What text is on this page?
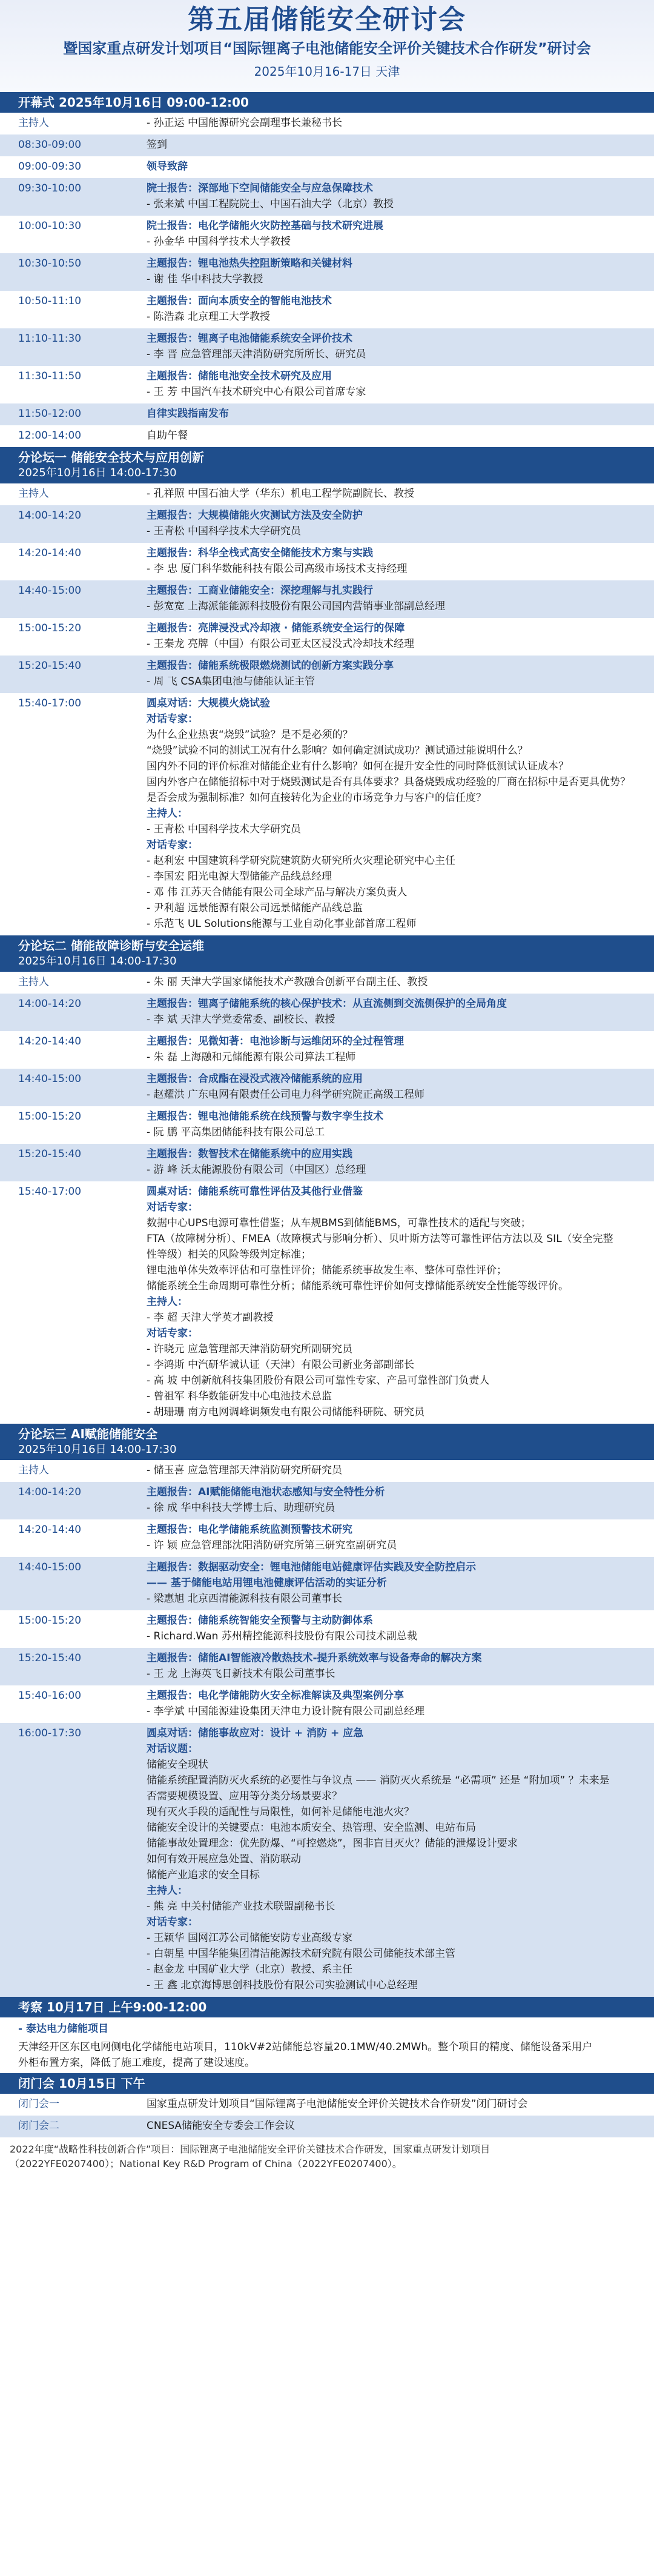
第五届储能安全研讨会
暨国家重点研发计划项目“国际锂离子电池储能安全评价关键技术合作研发”研讨会
2025年10月16-17日 天津
开幕式 2025年10月16日 09:00-12:00
主持人	- 孙正运 中国能源研究会副理事长兼秘书长
08:30-09:00	签到
09:00-09:30	领导致辞
09:30-10:00	院士报告：深部地下空间储能安全与应急保障技术
- 张来斌 中国工程院院士、中国石油大学（北京）教授
10:00-10:30	院士报告：电化学储能火灾防控基础与技术研究进展
- 孙金华 中国科学技术大学教授
10:30-10:50	主题报告：锂电池热失控阻断策略和关键材料
- 谢 佳 华中科技大学教授
10:50-11:10	主题报告：面向本质安全的智能电池技术
- 陈浩森 北京理工大学教授
11:10-11:30	主题报告：锂离子电池储能系统安全评价技术
- 李 晋 应急管理部天津消防研究所所长、研究员
11:30-11:50	主题报告：储能电池安全技术研究及应用
- 王 芳 中国汽车技术研究中心有限公司首席专家
11:50-12:00	自律实践指南发布
12:00-14:00	自助午餐
分论坛一 储能安全技术与应用创新
2025年10月16日 14:00-17:30
主持人	- 孔祥照 中国石油大学（华东）机电工程学院副院长、教授
14:00-14:20	主题报告：大规模储能火灾测试方法及安全防护
- 王青松 中国科学技术大学研究员
14:20-14:40	主题报告：科华全栈式高安全储能技术方案与实践
- 李 忠 厦门科华数能科技有限公司高级市场技术支持经理
14:40-15:00	主题报告：工商业储能安全：深挖理解与扎实践行
- 彭宽宽 上海派能能源科技股份有限公司国内营销事业部副总经理
15:00-15:20	主题报告：亮牌浸没式冷却液 · 储能系统安全运行的保障
- 王秦龙 亮牌（中国）有限公司亚太区浸没式冷却技术经理
15:20-15:40	主题报告：储能系统极限燃烧测试的创新方案实践分享
- 周 飞 CSA集团电池与储能认证主管
15:40-17:00	圆桌对话：大规模火烧试验
对话专家：
为什么企业热衷“烧毁”试验？是不是必须的？
“烧毁”试验不同的测试工况有什么影响？如何确定测试成功？测试通过能说明什么？
国内外不同的评价标准对储能企业有什么影响？如何在提升安全性的同时降低测试认证成本？
国内外客户在储能招标中对于烧毁测试是否有具体要求？具备烧毁成功经验的厂商在招标中是否更具优势？
是否会成为强制标准？如何直接转化为企业的市场竞争力与客户的信任度？
主持人：
- 王青松 中国科学技术大学研究员
对话专家：
- 赵利宏 中国建筑科学研究院建筑防火研究所火灾理论研究中心主任
- 李国宏 阳光电源大型储能产品线总经理
- 邓 伟 江苏天合储能有限公司全球产品与解决方案负责人
- 尹利超 远景能源有限公司远景储能产品线总监
- 乐范飞 UL Solutions能源与工业自动化事业部首席工程师
分论坛二 储能故障诊断与安全运维
2025年10月16日 14:00-17:30
主持人	- 朱 丽 天津大学国家储能技术产教融合创新平台副主任、教授
14:00-14:20	主题报告：锂离子储能系统的核心保护技术：从直流侧到交流侧保护的全局角度
- 李 斌 天津大学党委常委、副校长、教授
14:20-14:40	主题报告：见微知著：电池诊断与运维闭环的全过程管理
- 朱 磊 上海融和元储能源有限公司算法工程师
14:40-15:00	主题报告：合成酯在浸没式液冷储能系统的应用
- 赵耀洪 广东电网有限责任公司电力科学研究院正高级工程师
15:00-15:20	主题报告：锂电池储能系统在线预警与数字孪生技术
- 阮 鹏 平高集团储能科技有限公司总工
15:20-15:40	主题报告：数智技术在储能系统中的应用实践
- 游 峰 沃太能源股份有限公司（中国区）总经理
15:40-17:00	圆桌对话：储能系统可靠性评估及其他行业借鉴
对话专家：
数据中心UPS电源可靠性借鉴；从车规BMS到储能BMS，可靠性技术的适配与突破；
FTA（故障树分析）、FMEA（故障模式与影响分析）、贝叶斯方法等可靠性评估方法以及 SIL（安全完整
性等级）相关的风险等级判定标准；
锂电池单体失效率评估和可靠性评价；储能系统事故发生率、整体可靠性评价；
储能系统全生命周期可靠性分析；储能系统可靠性评价如何支撑储能系统安全性能等级评价。
主持人：
- 李 超 天津大学英才副教授
对话专家：
- 许晓元 应急管理部天津消防研究所副研究员
- 李鸿斯 中汽研华诚认证（天津）有限公司新业务部副部长
- 高 坡 中创新航科技集团股份有限公司可靠性专家、产品可靠性部门负责人
- 曾祖军 科华数能研发中心电池技术总监
- 胡珊珊 南方电网调峰调频发电有限公司储能科研院、研究员
分论坛三 AI赋能储能安全
2025年10月16日 14:00-17:30
主持人	- 储玉喜 应急管理部天津消防研究所研究员
14:00-14:20	主题报告：AI赋能储能电池状态感知与安全特性分析
- 徐 成 华中科技大学博士后、助理研究员
14:20-14:40	主题报告：电化学储能系统监测预警技术研究
- 许 颖 应急管理部沈阳消防研究所第三研究室副研究员
14:40-15:00	主题报告：数据驱动安全：锂电池储能电站健康评估实践及安全防控启示
—— 基于储能电站用锂电池健康评估活动的实证分析
- 梁惠旭 北京西清能源科技有限公司董事长
15:00-15:20	主题报告：储能系统智能安全预警与主动防御体系
- Richard.Wan 苏州精控能源科技股份有限公司技术副总裁
15:20-15:40	主题报告：储能AI智能液冷散热技术-提升系统效率与设备寿命的解决方案
- 王 龙 上海英飞日新技术有限公司董事长
15:40-16:00	主题报告：电化学储能防火安全标准解读及典型案例分享
- 李学斌 中国能源建设集团天津电力设计院有限公司副总经理
16:00-17:30	圆桌对话：储能事故应对：设计 + 消防 + 应急
对话议题：
储能安全现状
储能系统配置消防灭火系统的必要性与争议点 —— 消防灭火系统是 “必需项” 还是 “附加项” ？未来是
否需要规模设置、应用等分类分场景要求？
现有灭火手段的适配性与局限性，如何补足储能电池火灾？
储能安全设计的关键要点：电池本质安全、热管理、安全监测、电站布局
储能事故处置理念：优先防爆、“可控燃烧”，图非盲目灭火？储能的泄爆设计要求
如何有效开展应急处置、消防联动
储能产业追求的安全目标
主持人：
- 熊 亮 中关村储能产业技术联盟副秘书长
对话专家：
- 王颖华 国网江苏公司储能安防专业高级专家
- 白朝星 中国华能集团清洁能源技术研究院有限公司储能技术部主管
- 赵金龙 中国矿业大学（北京）教授、系主任
- 王 鑫 北京海博思创科技股份有限公司实验测试中心总经理
考察 10月17日 上午9:00-12:00
闭门会 10月15日 下午
闭门会一	国家重点研发计划项目“国际锂离子电池储能安全评价关键技术合作研发”闭门研讨会
闭门会二	CNESA储能安全专委会工作会议
- 泰达电力储能项目
天津经开区东区电网侧电化学储能电站项目，110kV#2站储能总容量20.1MW/40.2MWh。整个项目的精度、储能设备采用户
外柜布置方案，降低了施工难度，提高了建设速度。
2022年度“战略性科技创新合作”项目：国际锂离子电池储能安全评价关键技术合作研发，国家重点研发计划项目
（2022YFE0207400）；National Key R&D Program of China（2022YFE0207400）。
